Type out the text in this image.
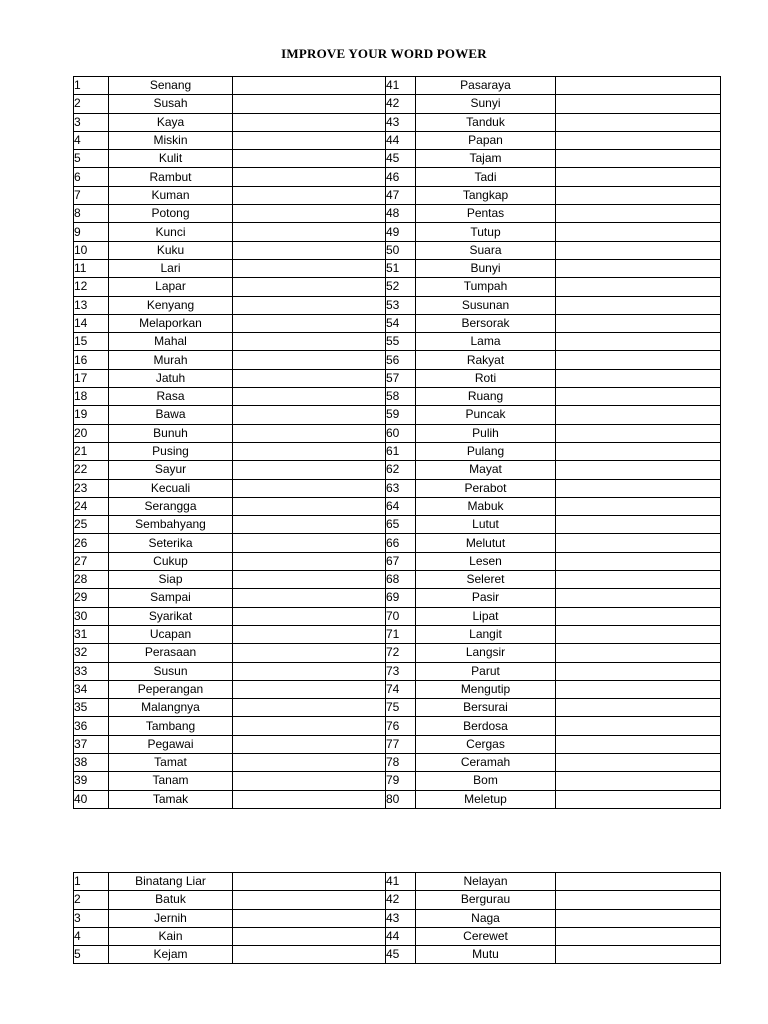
IMPROVE YOUR WORD POWER
1	Senang		41	Pasaraya	
2	Susah		42	Sunyi	
3	Kaya		43	Tanduk	
4	Miskin		44	Papan	
5	Kulit		45	Tajam	
6	Rambut		46	Tadi	
7	Kuman		47	Tangkap	
8	Potong		48	Pentas	
9	Kunci		49	Tutup	
10	Kuku		50	Suara	
11	Lari		51	Bunyi	
12	Lapar		52	Tumpah	
13	Kenyang		53	Susunan	
14	Melaporkan		54	Bersorak	
15	Mahal		55	Lama	
16	Murah		56	Rakyat	
17	Jatuh		57	Roti	
18	Rasa		58	Ruang	
19	Bawa		59	Puncak	
20	Bunuh		60	Pulih	
21	Pusing		61	Pulang	
22	Sayur		62	Mayat	
23	Kecuali		63	Perabot	
24	Serangga		64	Mabuk	
25	Sembahyang		65	Lutut	
26	Seterika		66	Melutut	
27	Cukup		67	Lesen	
28	Siap		68	Seleret	
29	Sampai		69	Pasir	
30	Syarikat		70	Lipat	
31	Ucapan		71	Langit	
32	Perasaan		72	Langsir	
33	Susun		73	Parut	
34	Peperangan		74	Mengutip	
35	Malangnya		75	Bersurai	
36	Tambang		76	Berdosa	
37	Pegawai		77	Cergas	
38	Tamat		78	Ceramah	
39	Tanam		79	Bom	
40	Tamak		80	Meletup	
1	Binatang Liar		41	Nelayan	
2	Batuk		42	Bergurau	
3	Jernih		43	Naga	
4	Kain		44	Cerewet	
5	Kejam		45	Mutu	
